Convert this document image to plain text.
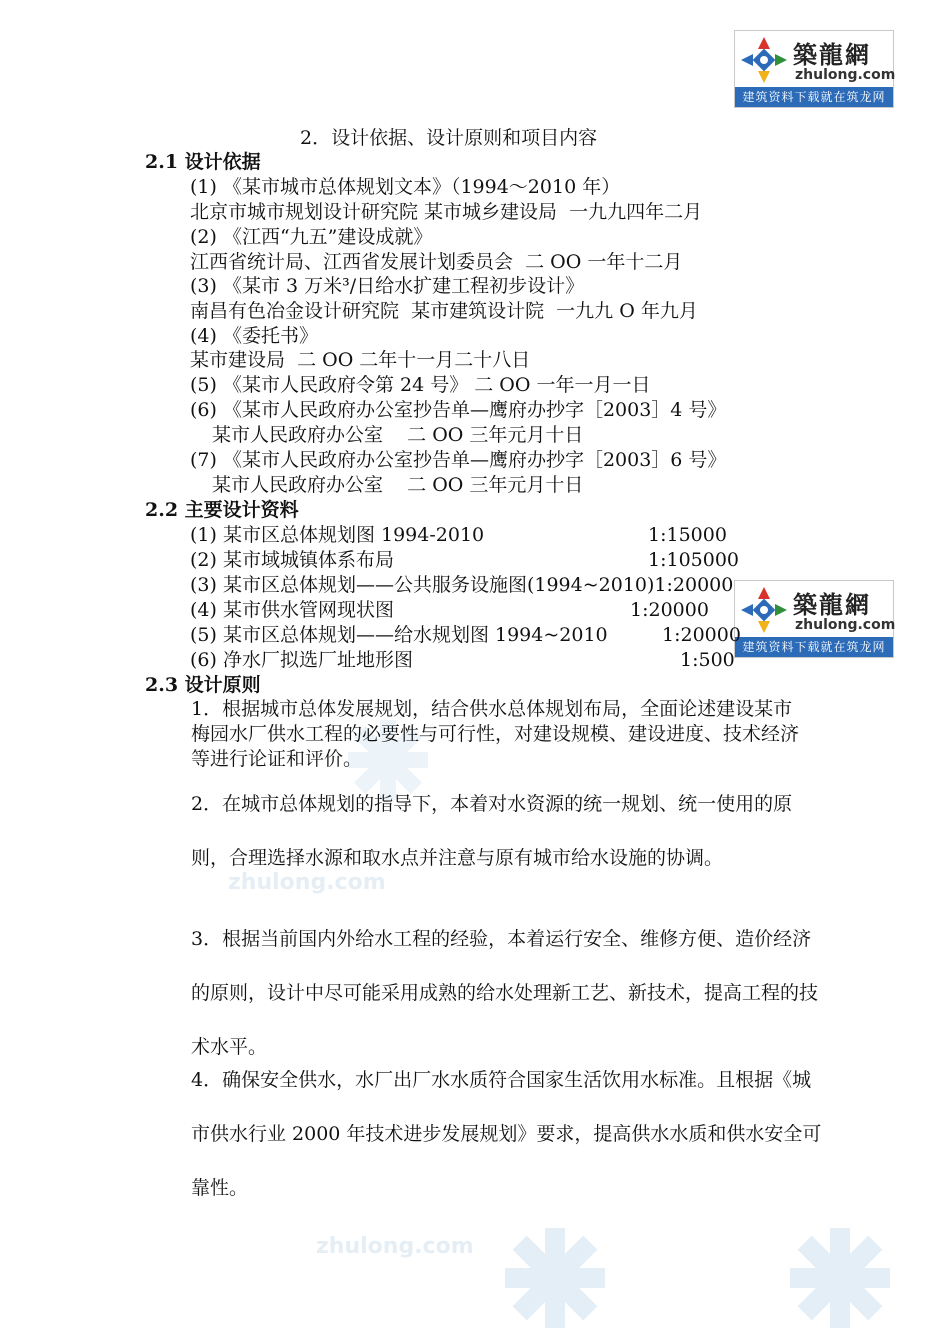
zhulong.com
zhulong.com
築龍網
zhulong.com
建筑资料下载就在筑龙网
築龍網
zhulong.com
建筑资料下载就在筑龙网
2．设计依据、设计原则和项目内容
2.1 设计依据
(1) 《某市城市总体规划文本》（1994～2010 年）
北京市城市规划设计研究院 某市城乡建设局  一九九四年二月
(2) 《江西“九五”建设成就》
江西省统计局、江西省发展计划委员会  二 OO 一年十二月
(3) 《某市 3 万米³/日给水扩建工程初步设计》
南昌有色冶金设计研究院  某市建筑设计院  一九九 O 年九月
(4) 《委托书》
某市建设局  二 OO 二年十一月二十八日
(5) 《某市人民政府令第 24 号》 二 OO 一年一月一日
(6) 《某市人民政府办公室抄告单—鹰府办抄字［2003］4 号》
某市人民政府办公室    二 OO 三年元月十日
(7) 《某市人民政府办公室抄告单—鹰府办抄字［2003］6 号》
某市人民政府办公室    二 OO 三年元月十日
2.2 主要设计资料
(1) 某市区总体规划图 1994-2010	1:15000
(2) 某市域城镇体系布局	1:105000
(3) 某市区总体规划——公共服务设施图(1994~2010)1:20000
(4) 某市供水管网现状图	1:20000
(5) 某市区总体规划——给水规划图 1994~2010	1:20000
(6) 净水厂拟选厂址地形图	1:500
2.3 设计原则
1．根据城市总体发展规划，结合供水总体规划布局，全面论述建设某市梅园水厂供水工程的必要性与可行性，对建设规模、建设进度、技术经济等进行论证和评价。
2．在城市总体规划的指导下，本着对水资源的统一规划、统一使用的原则，合理选择水源和取水点并注意与原有城市给水设施的协调。
3．根据当前国内外给水工程的经验，本着运行安全、维修方便、造价经济的原则，设计中尽可能采用成熟的给水处理新工艺、新技术，提高工程的技术水平。
4．确保安全供水，水厂出厂水水质符合国家生活饮用水标准。且根据《城市供水行业 2000 年技术进步发展规划》要求，提高供水水质和供水安全可靠性。
